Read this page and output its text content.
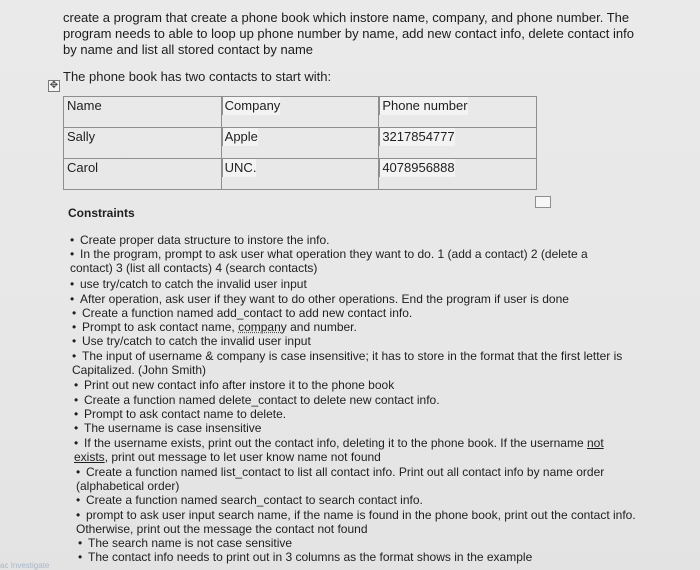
create a program that create a phone book which instore name, company, and phone number. The program needs to able to loop up phone number by name, add new contact info, delete contact info by name and list all stored contact by name
✥
The phone book has two contacts to start with:
Name	Company	Phone number
Sally	Apple	3217854777
Carol	UNC.	4078956888
Constraints
• Create proper data structure to instore the info.
• In the program, prompt to ask user what operation they want to do. 1 (add a contact) 2 (delete a
contact) 3 (list all contacts) 4 (search contacts)
• use try/catch to catch the invalid user input
• After operation, ask user if they want to do other operations. End the program if user is done
• Create a function named add_contact to add new contact info.
• Prompt to ask contact name, company and number.
• Use try/catch to catch the invalid user input
• The input of username & company is case insensitive; it has to store in the format that the first letter is
Capitalized. (John Smith)
• Print out new contact info after instore it to the phone book
• Create a function named delete_contact to delete new contact info.
• Prompt to ask contact name to delete.
• The username is case insensitive
• If the username exists, print out the contact info, deleting it to the phone book. If the username not
exists, print out message to let user know name not found
• Create a function named list_contact to list all contact info. Print out all contact info by name order
(alphabetical order)
• Create a function named search_contact to search contact info.
• prompt to ask user input search name, if the name is found in the phone book, print out the contact info.
Otherwise, print out the message the contact not found
• The search name is not case sensitive
• The contact info needs to print out in 3 columns as the format shows in the example
ac Investigate
